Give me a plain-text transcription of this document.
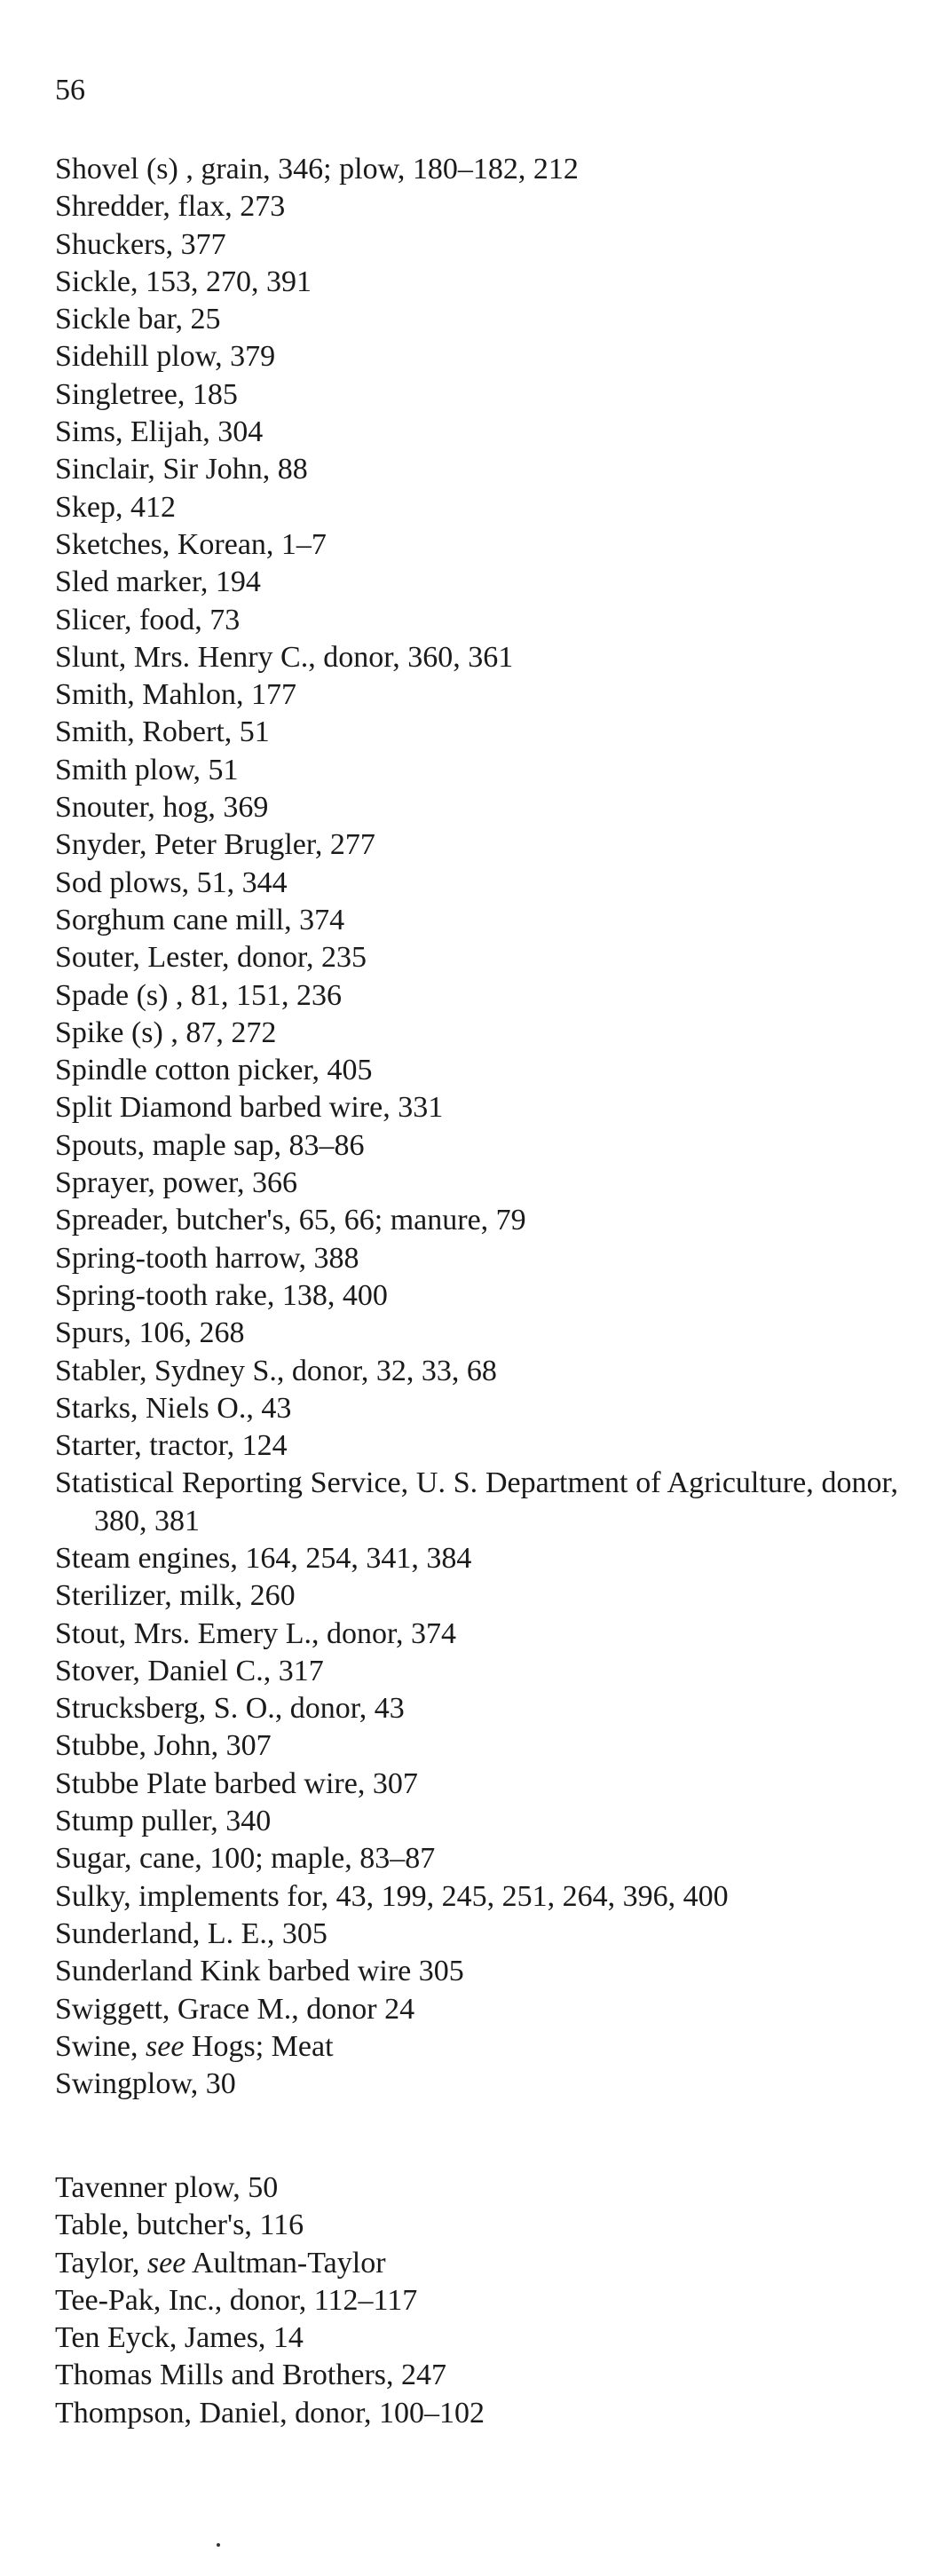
56
Shovel (s) , grain, 346; plow, 180–182, 212
Shredder, flax, 273
Shuckers, 377
Sickle, 153, 270, 391
Sickle bar, 25
Sidehill plow, 379
Singletree, 185
Sims, Elijah, 304
Sinclair, Sir John, 88
Skep, 412
Sketches, Korean, 1–7
Sled marker, 194
Slicer, food, 73
Slunt, Mrs. Henry C., donor, 360, 361
Smith, Mahlon, 177
Smith, Robert, 51
Smith plow, 51
Snouter, hog, 369
Snyder, Peter Brugler, 277
Sod plows, 51, 344
Sorghum cane mill, 374
Souter, Lester, donor, 235
Spade (s) , 81, 151, 236
Spike (s) , 87, 272
Spindle cotton picker, 405
Split Diamond barbed wire, 331
Spouts, maple sap, 83–86
Sprayer, power, 366
Spreader, butcher's, 65, 66; manure, 79
Spring-tooth harrow, 388
Spring-tooth rake, 138, 400
Spurs, 106, 268
Stabler, Sydney S., donor, 32, 33, 68
Starks, Niels O., 43
Starter, tractor, 124
Statistical Reporting Service, U. S. Department of Agriculture, donor, 380, 381
Steam engines, 164, 254, 341, 384
Sterilizer, milk, 260
Stout, Mrs. Emery L., donor, 374
Stover, Daniel C., 317
Strucksberg, S. O., donor, 43
Stubbe, John, 307
Stubbe Plate barbed wire, 307
Stump puller, 340
Sugar, cane, 100; maple, 83–87
Sulky, implements for, 43, 199, 245, 251, 264, 396, 400
Sunderland, L. E., 305
Sunderland Kink barbed wire 305
Swiggett, Grace M., donor 24
Swine, see Hogs; Meat
Swingplow, 30
Tavenner plow, 50
Table, butcher's, 116
Taylor, see Aultman-Taylor
Tee-Pak, Inc., donor, 112–117
Ten Eyck, James, 14
Thomas Mills and Brothers, 247
Thompson, Daniel, donor, 100–102
